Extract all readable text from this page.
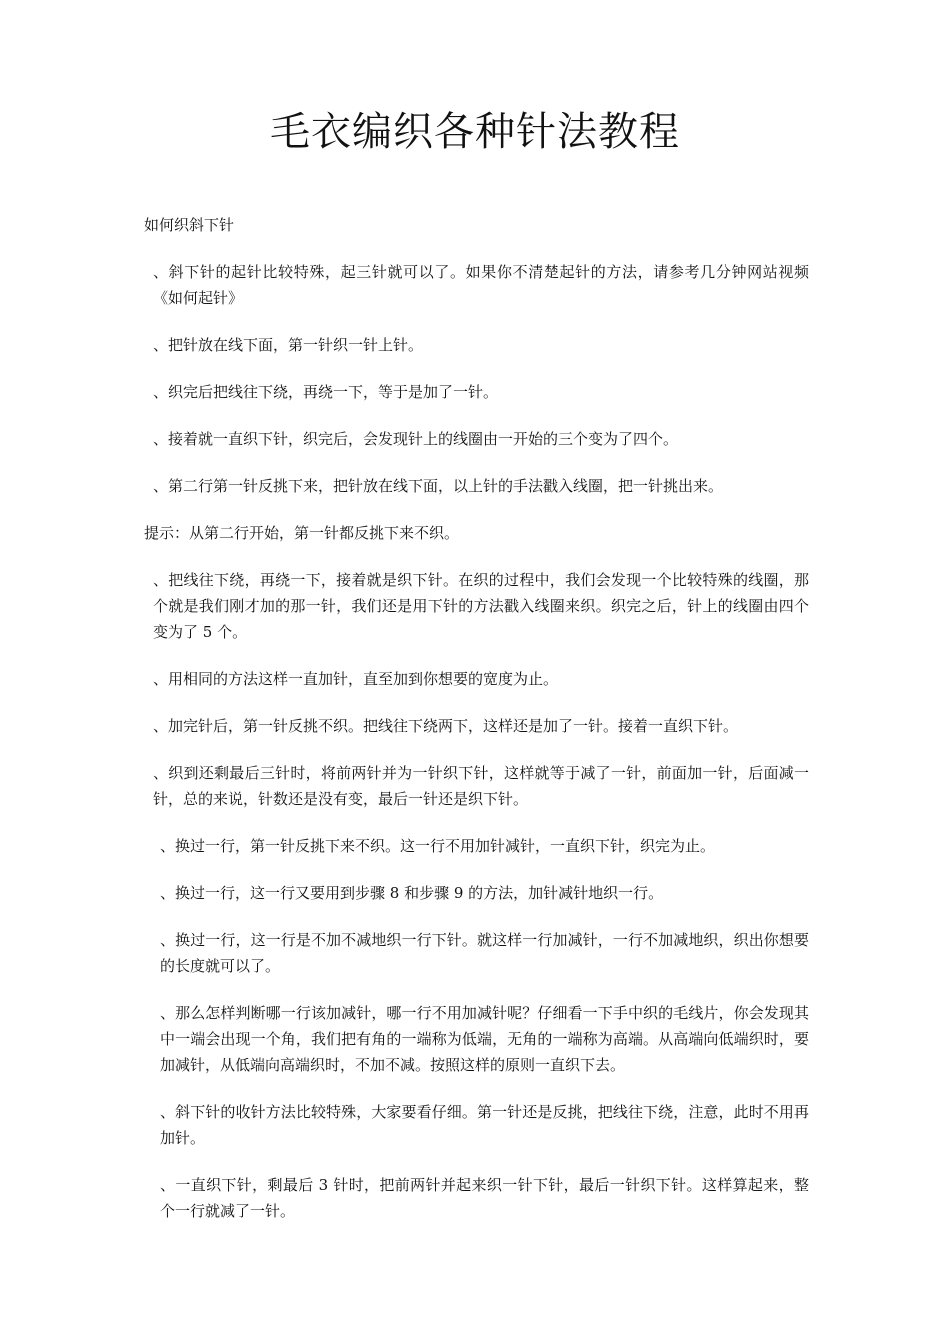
毛衣编织各种针法教程

如何织斜下针

、斜下针的起针比较特殊，起三针就可以了。如果你不清楚起针的方法，请参考几分钟网站视频《如何起针》

、把针放在线下面，第一针织一针上针。

、织完后把线往下绕，再绕一下，等于是加了一针。

、接着就一直织下针，织完后，会发现针上的线圈由一开始的三个变为了四个。

、第二行第一针反挑下来，把针放在线下面，以上针的手法戳入线圈，把一针挑出来。

提示：从第二行开始，第一针都反挑下来不织。

、把线往下绕，再绕一下，接着就是织下针。在织的过程中，我们会发现一个比较特殊的线圈，那个就是我们刚才加的那一针，我们还是用下针的方法戳入线圈来织。织完之后，针上的线圈由四个变为了 5 个。

、用相同的方法这样一直加针，直至加到你想要的宽度为止。

、加完针后，第一针反挑不织。把线往下绕两下，这样还是加了一针。接着一直织下针。

、织到还剩最后三针时，将前两针并为一针织下针，这样就等于减了一针，前面加一针，后面减一针，总的来说，针数还是没有变，最后一针还是织下针。

、换过一行，第一针反挑下来不织。这一行不用加针减针，一直织下针，织完为止。

、换过一行，这一行又要用到步骤 8 和步骤 9 的方法，加针减针地织一行。

、换过一行，这一行是不加不减地织一行下针。就这样一行加减针，一行不加减地织，织出你想要的长度就可以了。

、那么怎样判断哪一行该加减针，哪一行不用加减针呢？仔细看一下手中织的毛线片，你会发现其中一端会出现一个角，我们把有角的一端称为低端，无角的一端称为高端。从高端向低端织时，要加减针，从低端向高端织时，不加不减。按照这样的原则一直织下去。

、斜下针的收针方法比较特殊，大家要看仔细。第一针还是反挑，把线往下绕，注意，此时不用再加针。

、一直织下针，剩最后 3 针时，把前两针并起来织一针下针，最后一针织下针。这样算起来，整个一行就减了一针。
